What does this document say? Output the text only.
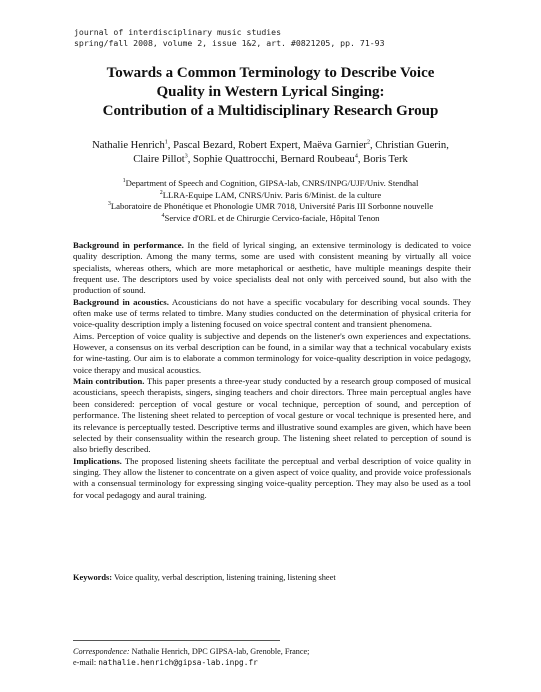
journal of interdisciplinary music studies
spring/fall 2008, volume 2, issue 1&2, art. #0821205, pp. 71-93
Towards a Common Terminology to Describe Voice
Quality in Western Lyrical Singing:
Contribution of a Multidisciplinary Research Group
Nathalie Henrich$^1$, Pascal Bezard, Robert Expert, Maëva Garnier$^2$, Christian Guerin,
Claire Pillot$^3$, Sophie Quattrocchi, Bernard Roubeau$^4$, Boris Terk
$^1$Department of Speech and Cognition, GIPSA-lab, CNRS/INPG/UJF/Univ. Stendhal
$^2$LLRA-Equipe LAM, CNRS/Univ. Paris 6/Minist. de la culture
$^3$Laboratoire de Phonétique et Phonologie UMR 7018, Université Paris III Sorbonne nouvelle
$^4$Service d'ORL et de Chirurgie Cervico-faciale, Hôpital Tenon

Background in performance. In the field of lyrical singing, an extensive terminology is dedicated to voice quality description. Among the many terms, some are used with consistent meaning by virtually all voice specialists, whereas others, which are more metaphorical or aesthetic, have multiple meanings despite their frequent use. The descriptors used by voice specialists deal not only with perceived sound, but also with the production of sound.

Background in acoustics. Acousticians do not have a specific vocabulary for describing vocal sounds. They often make use of terms related to timbre. Many studies conducted on the determination of physical criteria for voice-quality description imply a listening focused on voice spectral content and transient phenomena.

Aims. Perception of voice quality is subjective and depends on the listener's own experiences and expectations. However, a consensus on its verbal description can be found, in a similar way that a technical vocabulary exists for wine-tasting. Our aim is to elaborate a common terminology for voice-quality description in voice pedagogy, voice therapy and musical acoustics.

Main contribution. This paper presents a three-year study conducted by a research group composed of musical acousticians, speech therapists, singers, singing teachers and choir directors. Three main perceptual angles have been considered: perception of vocal gesture or vocal technique, perception of sound, and perception of performance. The listening sheet related to perception of vocal gesture or vocal technique is presented here, and its relevance is perceptually tested. Descriptive terms and illustrative sound examples are given, which have been selected by their consensuality within the research group. The listening sheet related to perception of sound is also briefly described.

Implications. The proposed listening sheets facilitate the perceptual and verbal description of voice quality in singing. They allow the listener to concentrate on a given aspect of voice quality, and provide voice professionals with a consensual terminology for expressing singing voice-quality perception. They may also be used as a tool for vocal pedagogy and aural training.

Keywords: Voice quality, verbal description, listening training, listening sheet
Correspondence: Nathalie Henrich, DPC GIPSA-lab, Grenoble, France;
e-mail: nathalie.henrich@gipsa-lab.inpg.fr
